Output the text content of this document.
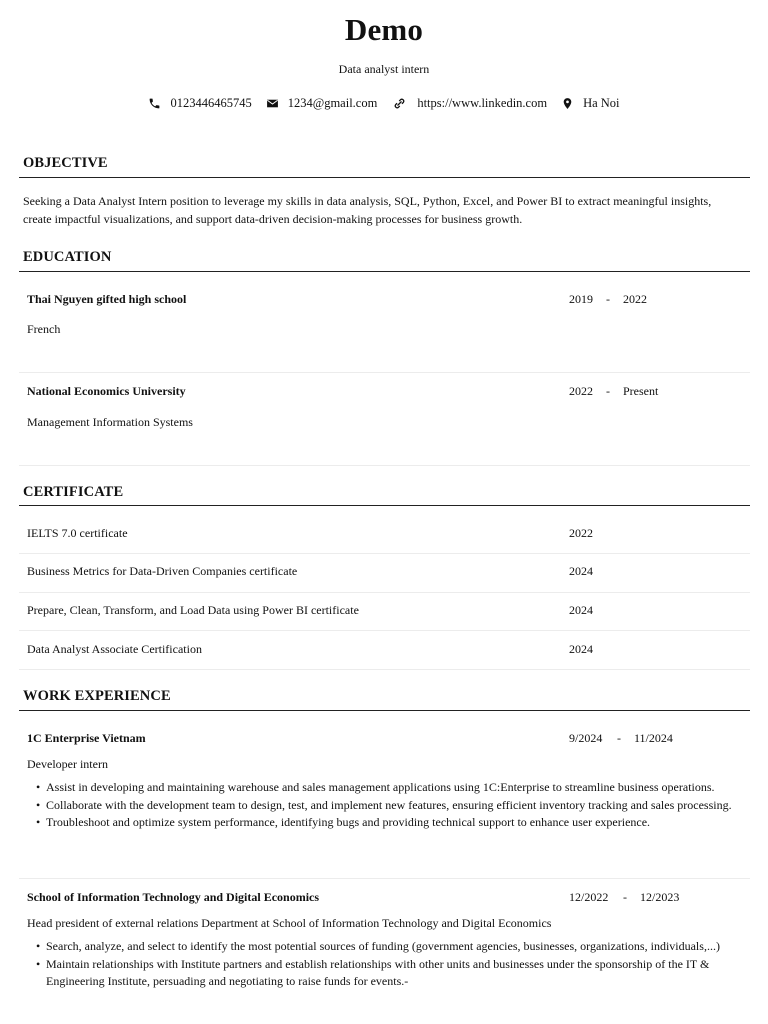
Demo
Data analyst intern
0123446465745	1234@gmail.com	https://www.linkedin.com	Ha Noi
OBJECTIVE
Seeking a Data Analyst Intern position to leverage my skills in data analysis, SQL, Python, Excel, and Power BI to extract meaningful insights, create impactful visualizations, and support data-driven decision-making processes for business growth.
EDUCATION
Thai Nguyen gifted high school	2019 - 2022
French
National Economics University	2022 - Present
Management Information Systems
CERTIFICATE
IELTS 7.0 certificate	2022
Business Metrics for Data-Driven Companies certificate	2024
Prepare, Clean, Transform, and Load Data using Power BI certificate	2024
Data Analyst Associate Certification	2024
WORK EXPERIENCE
1C Enterprise Vietnam	9/2024 - 11/2024
Developer intern
• Assist in developing and maintaining warehouse and sales management applications using 1C:Enterprise to streamline business operations.
• Collaborate with the development team to design, test, and implement new features, ensuring efficient inventory tracking and sales processing.
• Troubleshoot and optimize system performance, identifying bugs and providing technical support to enhance user experience.
School of Information Technology and Digital Economics	12/2022 - 12/2023
Head president of external relations Department at School of Information Technology and Digital Economics
• Search, analyze, and select to identify the most potential sources of funding (government agencies, businesses, organizations, individuals,...)
• Maintain relationships with Institute partners and establish relationships with other units and businesses under the sponsorship of the IT & Engineering Institute, persuading and negotiating to raise funds for events.-
